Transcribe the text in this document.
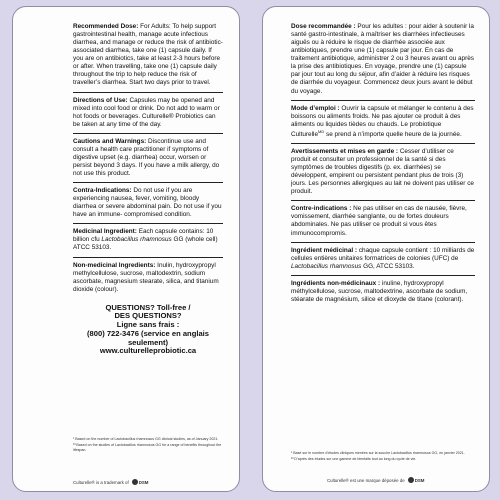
Recommended Dose: For Adults: To help support gastrointestinal health, manage acute infectious diarrhea, and manage or reduce the risk of antibiotic-associated diarrhea, take one (1) capsule daily. If you are on antibiotics, take at least 2-3 hours before or after. When travelling, take one (1) capsule daily throughout the trip to help reduce the risk of traveller’s diarrhea. Start two days prior to travel.

Directions of Use: Capsules may be opened and mixed into cool food or drink. Do not add to warm or hot foods or beverages. Culturelle® Probiotics can be taken at any time of the day.

Cautions and Warnings: Discontinue use and consult a health care practitioner if symptoms of digestive upset (e.g. diarrhea) occur, worsen or persist beyond 3 days. If you have a milk allergy, do not use this product.

Contra-Indications: Do not use if you are experiencing nausea, fever, vomiting, bloody diarrhea or severe abdominal pain. Do not use if you have an immune- compromised condition.

Medicinal Ingredient: Each capsule contains: 10 billion cfu Lactobacillus rhamnosus GG (whole cell) ATCC 53103.

Non-medicinal Ingredients: Inulin, hydroxypropyl methylcellulose, sucrose, maltodextrin, sodium ascorbate, magnesium stearate, silica, and titanium dioxide (colour).

QUESTIONS? Toll-free /
DES QUESTIONS?
Ligne sans frais :
(800) 722-3476 (service en anglais
seulement)
www.culturelleprobiotic.ca

¹ Based on the number of Lactobacillus rhamnosus GG clinical studies, as of January 2021.

²³ Based on the studies of Lactobacillus rhamnosus GG for a range of benefits throughout the lifespan.

Culturelle® is a trademark of DSM

Dose recommandée : Pour les adultes : pour aider à soutenir la santé gastro-intestinale, à maîtriser les diarrhées infectieuses aiguës ou à réduire le risque de diarrhée associée aux antibiotiques, prendre une (1) capsule par jour. En cas de traitement antibiotique, administrer 2 ou 3 heures avant ou après la prise des antibiotiques. En voyage, prendre une (1) capsule par jour tout au long du séjour, afin d’aider à réduire les risques de diarrhée du voyageur. Commencez deux jours avant le début du voyage.

Mode d’emploi : Ouvrir la capsule et mélanger le contenu à des boissons ou aliments froids. Ne pas ajouter ce produit à des aliments ou liquides tièdes ou chauds. Le probiotique Culturelle$^{MD}$ se prend à n’importe quelle heure de la journée.

Avertissements et mises en garde : Cesser d’utiliser ce produit et consulter un professionnel de la santé si des symptômes de troubles digestifs (p. ex. diarrhées) se développent, empirent ou persistent pendant plus de trois (3) jours. Les personnes allergiques au lait ne doivent pas utiliser ce produit.

Contre-indications : Ne pas utiliser en cas de nausée, fièvre, vomissement, diarrhée sanglante, ou de fortes douleurs abdominales. Ne pas utiliser ce produit si vous êtes immunocompromis.

Ingrédient médicinal : chaque capsule contient : 10 milliards de cellules entières unitaires formatrices de colonies (UFC) de Lactobacillus rhamnosus GG, ATCC 53103.

Ingrédients non-médicinaux : inuline, hydroxypropyl méthylcellulose, sucrose, maltodextrine, ascorbate de sodium, stéarate de magnésium, silice et dioxyde de titane (colorant).

¹ Basé sur le nombre d’études cliniques menées sur la souche Lactobacillus rhamnosus GG, en janvier 2021.

²³ D’après des études sur une gamme de bienfaits tout au long du cycle de vie.

Culturelle® est une marque déposée de DSM
